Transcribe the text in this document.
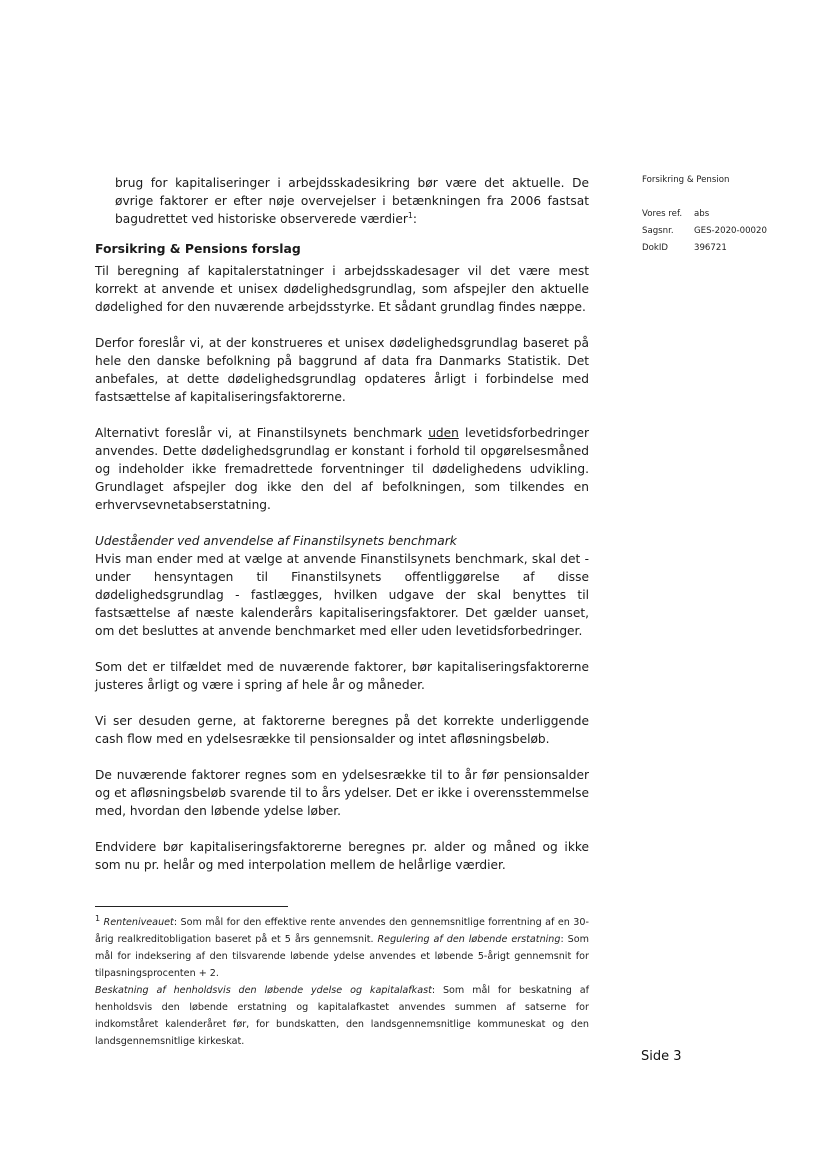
brug for kapitaliseringer i arbejdsskadesikring bør være det aktuelle. De øvrige faktorer er efter nøje overvejelser i betænkningen fra 2006 fastsat bagudrettet ved historiske observerede værdier$^1$:

Forsikring & Pensions forslag

Til beregning af kapitalerstatninger i arbejdsskadesager vil det være mest korrekt at anvende et unisex dødelighedsgrundlag, som afspejler den aktuelle dødelighed for den nuværende arbejdsstyrke. Et sådant grundlag findes næppe.

Derfor foreslår vi, at der konstrueres et unisex dødelighedsgrundlag baseret på hele den danske befolkning på baggrund af data fra Danmarks Statistik. Det anbefales, at dette dødelighedsgrundlag opdateres årligt i forbindelse med fastsættelse af kapitaliseringsfaktorerne.

Alternativt foreslår vi, at Finanstilsynets benchmark uden levetidsforbedringer anvendes. Dette dødelighedsgrundlag er konstant i forhold til opgørelsesmåned og indeholder ikke fremadrettede forventninger til dødelighedens udvikling. Grundlaget afspejler dog ikke den del af befolkningen, som tilkendes en erhvervsevnetabserstatning.

Udeståender ved anvendelse af Finanstilsynets benchmark

Hvis man ender med at vælge at anvende Finanstilsynets benchmark, skal det - under hensyntagen til Finanstilsynets offentliggørelse af disse dødelighedsgrundlag - fastlægges, hvilken udgave der skal benyttes til fastsættelse af næste kalenderårs kapitaliseringsfaktorer. Det gælder uanset, om det besluttes at anvende benchmarket med eller uden levetidsforbedringer.

Som det er tilfældet med de nuværende faktorer, bør kapitaliseringsfaktorerne justeres årligt og være i spring af hele år og måneder.

Vi ser desuden gerne, at faktorerne beregnes på det korrekte underliggende cash flow med en ydelsesrække til pensionsalder og intet afløsningsbeløb.

De nuværende faktorer regnes som en ydelsesrække til to år før pensionsalder og et afløsningsbeløb svarende til to års ydelser. Det er ikke i overensstemmelse med, hvordan den løbende ydelse løber.

Endvidere bør kapitaliseringsfaktorerne beregnes pr. alder og måned og ikke som nu pr. helår og med interpolation mellem de helårlige værdier.

Forsikring & Pension
Vores ref.	abs
Sagsnr.	GES-2020-00020
DokID	396721

$^1$ Renteniveauet: Som mål for den effektive rente anvendes den gennemsnitlige forrentning af en 30-årig realkreditobligation baseret på et 5 års gennemsnit. Regulering af den løbende erstatning: Som mål for indeksering af den tilsvarende løbende ydelse anvendes et løbende 5-årigt gennemsnit for tilpasningsprocenten + 2.

Beskatning af henholdsvis den løbende ydelse og kapitalafkast: Som mål for beskatning af henholdsvis den løbende erstatning og kapitalafkastet anvendes summen af satserne for indkomståret kalenderåret før, for bundskatten, den landsgennemsnitlige kommuneskat og den landsgennemsnitlige kirkeskat.

Side 3
